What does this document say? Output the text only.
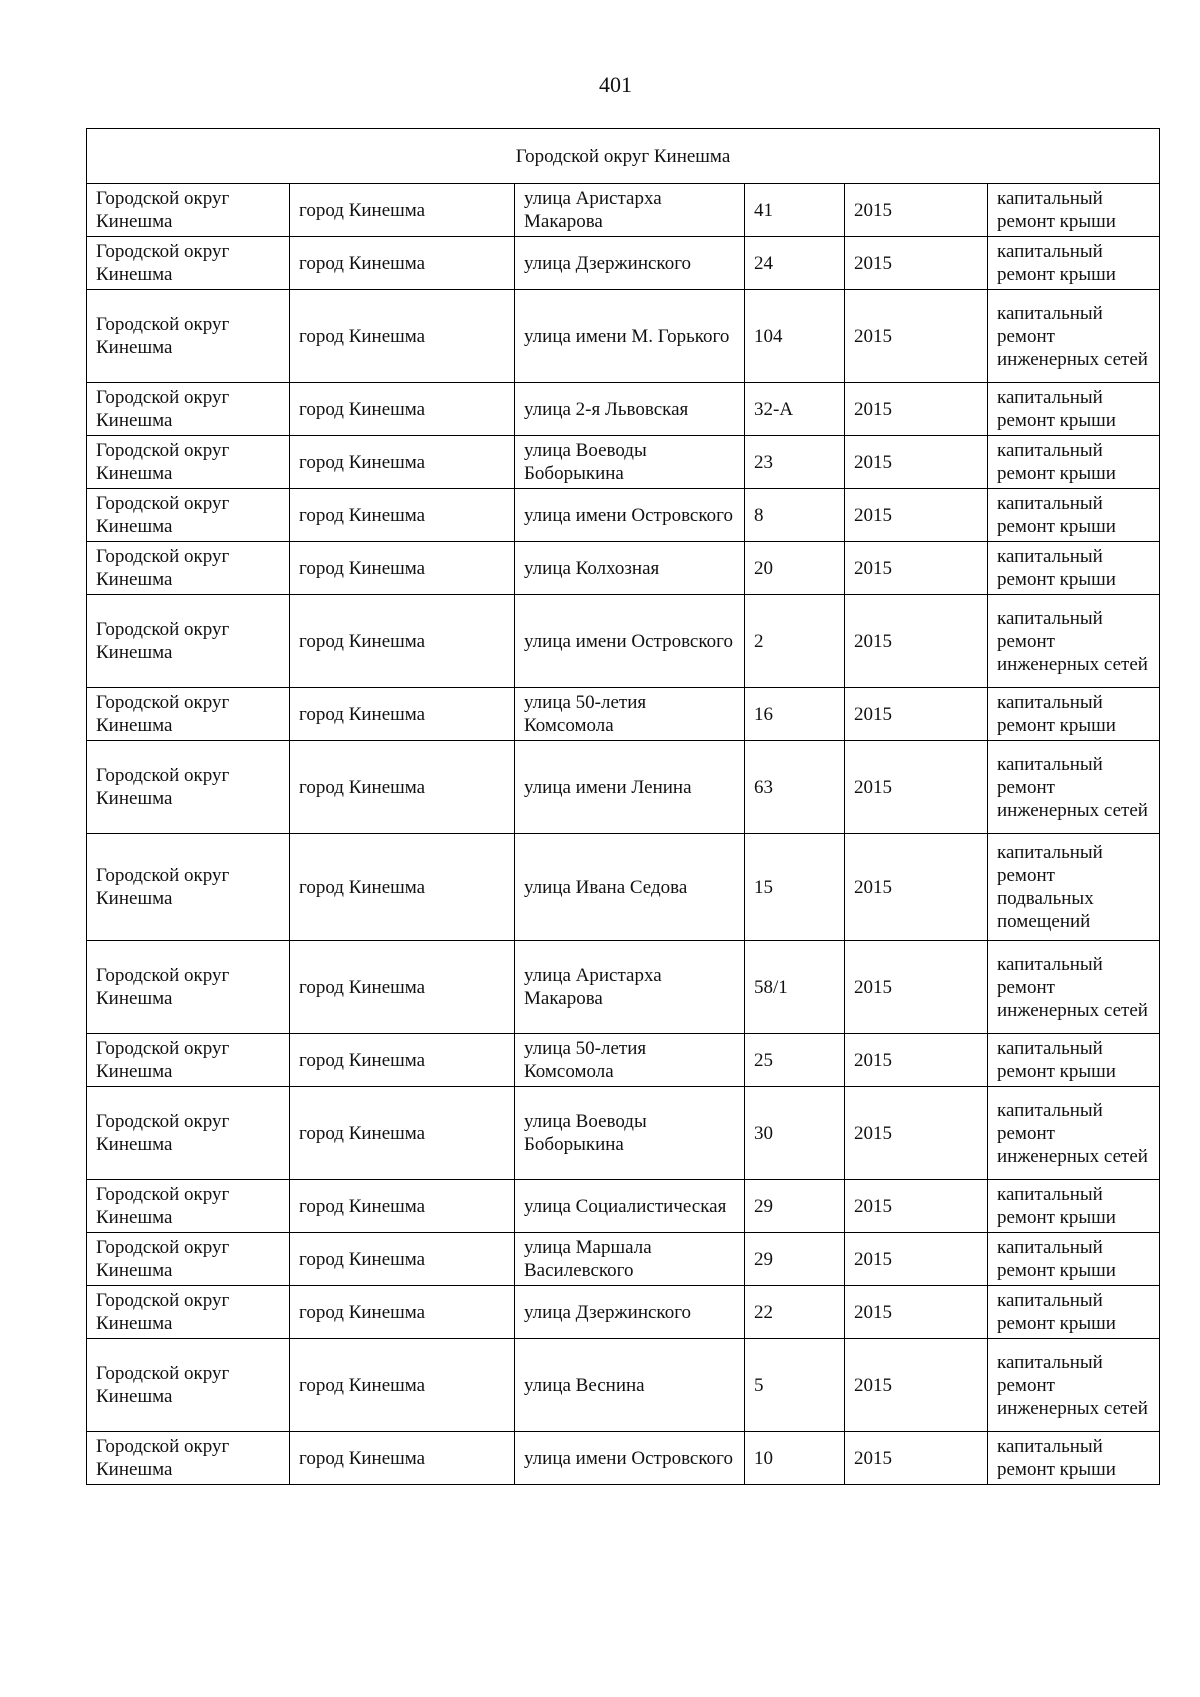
401
Городской округ Кинешма					
Городской округ Кинешма	город Кинешма	улица Аристарха Макарова	41	2015	капитальный ремонт крыши
Городской округ Кинешма	город Кинешма	улица Дзержинского	24	2015	капитальный ремонт крыши
Городской округ Кинешма	город Кинешма	улица имени М. Горького	104	2015	капитальный ремонт инженерных сетей
Городской округ Кинешма	город Кинешма	улица 2-я Львовская	32-А	2015	капитальный ремонт крыши
Городской округ Кинешма	город Кинешма	улица Воеводы Боборыкина	23	2015	капитальный ремонт крыши
Городской округ Кинешма	город Кинешма	улица имени Островского	8	2015	капитальный ремонт крыши
Городской округ Кинешма	город Кинешма	улица Колхозная	20	2015	капитальный ремонт крыши
Городской округ Кинешма	город Кинешма	улица имени Островского	2	2015	капитальный ремонт инженерных сетей
Городской округ Кинешма	город Кинешма	улица 50-летия Комсомола	16	2015	капитальный ремонт крыши
Городской округ Кинешма	город Кинешма	улица имени Ленина	63	2015	капитальный ремонт инженерных сетей
Городской округ Кинешма	город Кинешма	улица Ивана Седова	15	2015	капитальный ремонт подвальных помещений
Городской округ Кинешма	город Кинешма	улица Аристарха Макарова	58/1	2015	капитальный ремонт инженерных сетей
Городской округ Кинешма	город Кинешма	улица 50-летия Комсомола	25	2015	капитальный ремонт крыши
Городской округ Кинешма	город Кинешма	улица Воеводы Боборыкина	30	2015	капитальный ремонт инженерных сетей
Городской округ Кинешма	город Кинешма	улица Социалистическая	29	2015	капитальный ремонт крыши
Городской округ Кинешма	город Кинешма	улица Маршала Василевского	29	2015	капитальный ремонт крыши
Городской округ Кинешма	город Кинешма	улица Дзержинского	22	2015	капитальный ремонт крыши
Городской округ Кинешма	город Кинешма	улица Веснина	5	2015	капитальный ремонт инженерных сетей
Городской округ Кинешма	город Кинешма	улица имени Островского	10	2015	капитальный ремонт крыши
